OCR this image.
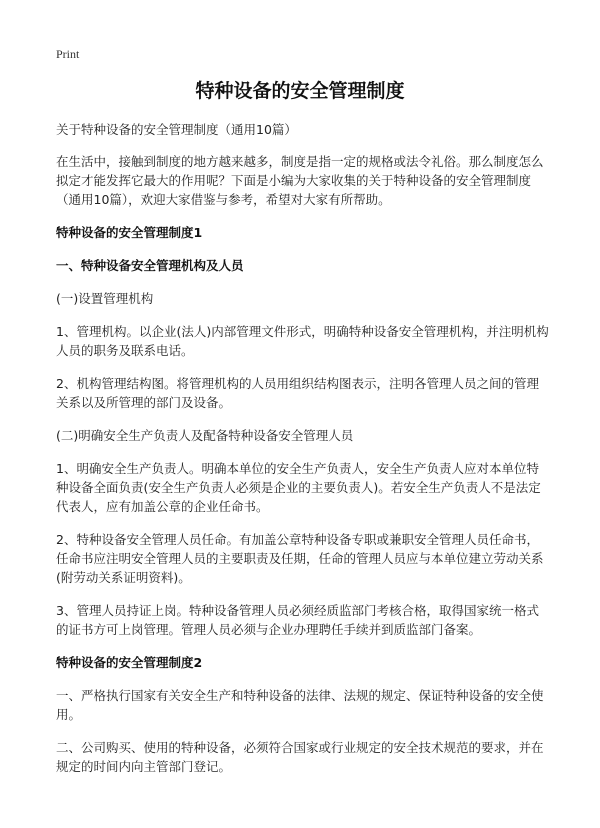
Print
特种设备的安全管理制度

关于特种设备的安全管理制度（通用10篇）

在生活中，接触到制度的地方越来越多，制度是指一定的规格或法令礼俗。那么制度怎么拟定才能发挥它最大的作用呢？下面是小编为大家收集的关于特种设备的安全管理制度（通用10篇），欢迎大家借鉴与参考，希望对大家有所帮助。

特种设备的安全管理制度1

一、特种设备安全管理机构及人员

(一)设置管理机构

1、管理机构。以企业(法人)内部管理文件形式，明确特种设备安全管理机构，并注明机构人员的职务及联系电话。

2、机构管理结构图。将管理机构的人员用组织结构图表示，注明各管理人员之间的管理关系以及所管理的部门及设备。

(二)明确安全生产负责人及配备特种设备安全管理人员

1、明确安全生产负责人。明确本单位的安全生产负责人，安全生产负责人应对本单位特种设备全面负责(安全生产负责人必须是企业的主要负责人)。若安全生产负责人不是法定代表人，应有加盖公章的企业任命书。

2、特种设备安全管理人员任命。有加盖公章特种设备专职或兼职安全管理人员任命书，任命书应注明安全管理人员的主要职责及任期，任命的管理人员应与本单位建立劳动关系(附劳动关系证明资料)。

3、管理人员持证上岗。特种设备管理人员必须经质监部门考核合格，取得国家统一格式的证书方可上岗管理。管理人员必须与企业办理聘任手续并到质监部门备案。

特种设备的安全管理制度2

一、严格执行国家有关安全生产和特种设备的法律、法规的规定、保证特种设备的安全使用。

二、公司购买、使用的特种设备，必须符合国家或行业规定的安全技术规范的要求，并在规定的时间内向主管部门登记。
